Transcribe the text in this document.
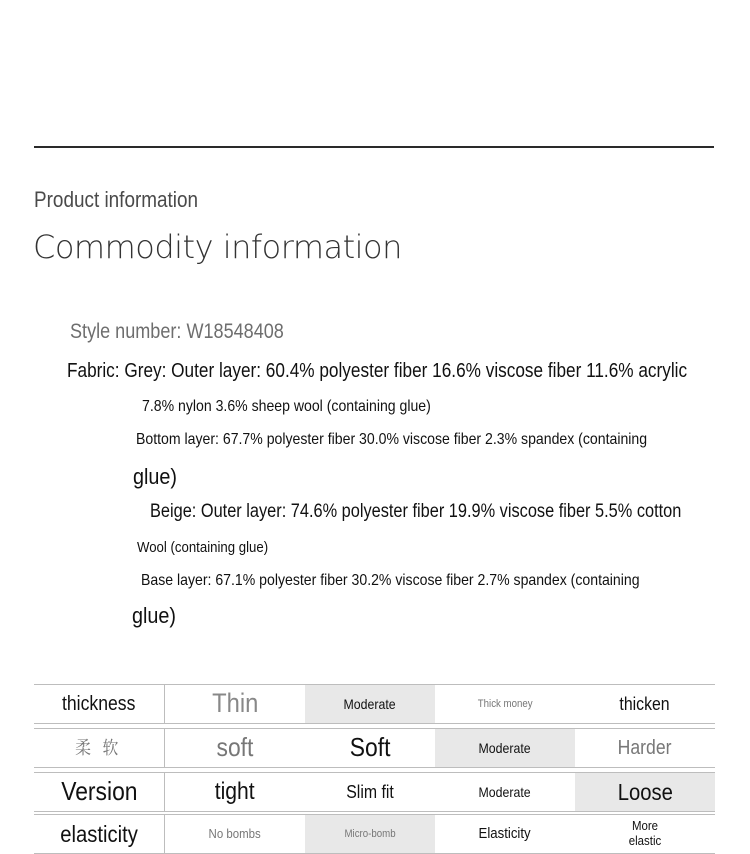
Product information
Commodity information
Style number: W18548408
Fabric: Grey: Outer layer: 60.4% polyester fiber 16.6% viscose fiber 11.6% acrylic
7.8% nylon 3.6% sheep wool (containing glue)
Bottom layer: 67.7% polyester fiber 30.0% viscose fiber 2.3% spandex (containing
glue)
Beige: Outer layer: 74.6% polyester fiber 19.9% viscose fiber 5.5% cotton
Wool (containing glue)
Base layer: 67.1% polyester fiber 30.2% viscose fiber 2.7% spandex (containing
glue)
thickness	Thin	Moderate	Thick money	thicken
柔 软	soft	Soft	Moderate	Harder
Version	tight	Slim fit	Moderate	Loose
elasticity	No bombs	Micro-bomb	Elasticity	More elastic
